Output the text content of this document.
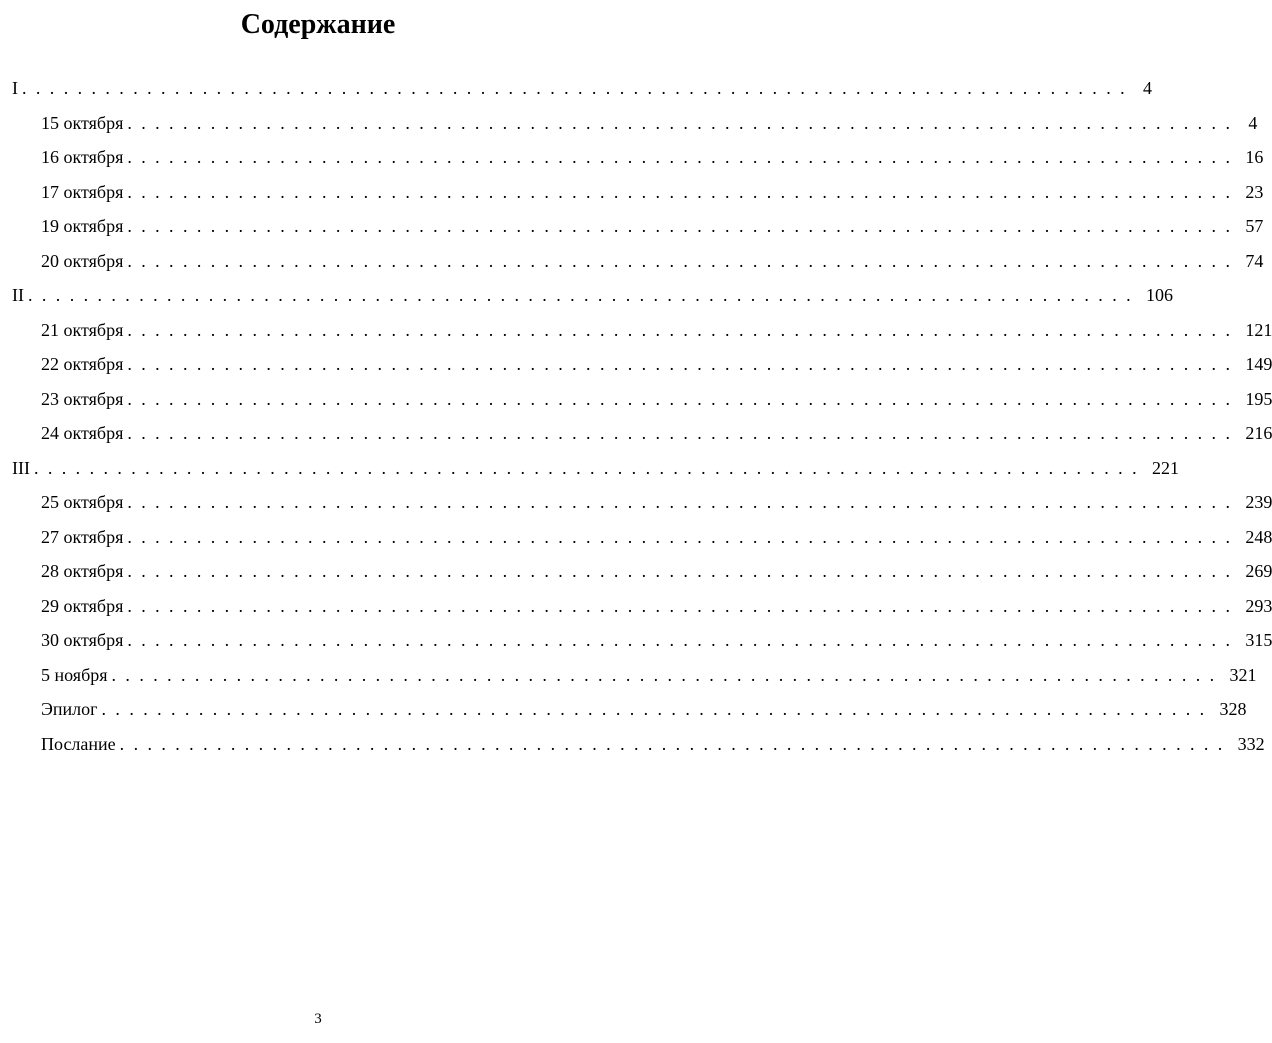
Содержание
I ................................................................................ 4
15 октября ................................................................................ 4
16 октября ................................................................................ 16
17 октября ................................................................................ 23
19 октября ................................................................................ 57
20 октября ................................................................................ 74
II ................................................................................ 106
21 октября ................................................................................ 121
22 октября ................................................................................ 149
23 октября ................................................................................ 195
24 октября ................................................................................ 216
III ................................................................................ 221
25 октября ................................................................................ 239
27 октября ................................................................................ 248
28 октября ................................................................................ 269
29 октября ................................................................................ 293
30 октября ................................................................................ 315
5 ноября ................................................................................ 321
Эпилог ................................................................................ 328
Послание ................................................................................ 332
3
